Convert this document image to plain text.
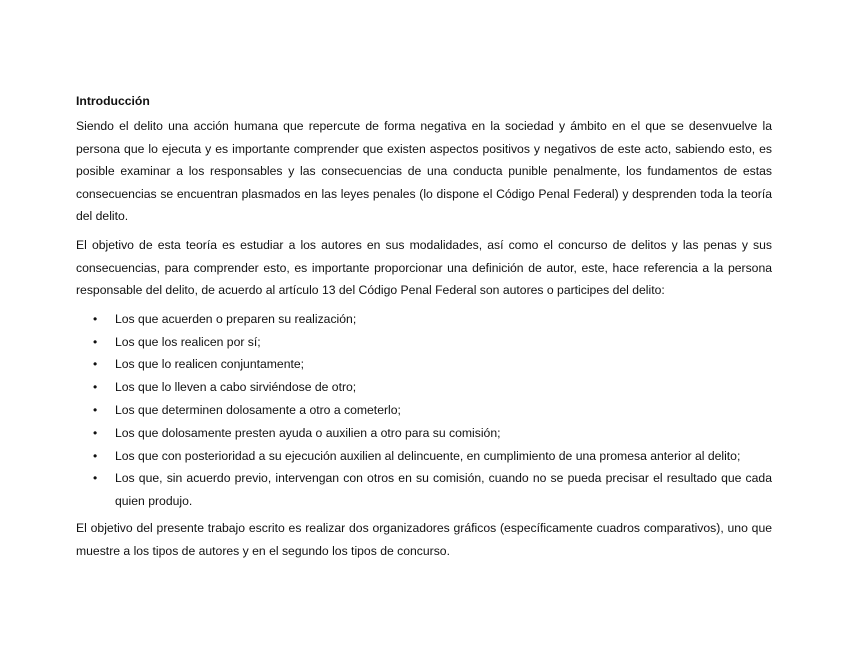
Introducción

Siendo el delito una acción humana que repercute de forma negativa en la sociedad y ámbito en el que se desenvuelve la persona que lo ejecuta y es importante comprender que existen aspectos positivos y negativos de este acto, sabiendo esto, es posible examinar a los responsables y las consecuencias de una conducta punible penalmente, los fundamentos de estas consecuencias se encuentran plasmados en las leyes penales (lo dispone el Código Penal Federal) y desprenden toda la teoría del delito.

El objetivo de esta teoría es estudiar a los autores en sus modalidades, así como el concurso de delitos y las penas y sus consecuencias, para comprender esto, es importante proporcionar una definición de autor, este, hace referencia a la persona responsable del delito, de acuerdo al artículo 13 del Código Penal Federal son autores o participes del delito:

• Los que acuerden o preparen su realización;
• Los que los realicen por sí;
• Los que lo realicen conjuntamente;
• Los que lo lleven a cabo sirviéndose de otro;
• Los que determinen dolosamente a otro a cometerlo;
• Los que dolosamente presten ayuda o auxilien a otro para su comisión;
• Los que con posterioridad a su ejecución auxilien al delincuente, en cumplimiento de una promesa anterior al delito;
• Los que, sin acuerdo previo, intervengan con otros en su comisión, cuando no se pueda precisar el resultado que cada quien produjo.

El objetivo del presente trabajo escrito es realizar dos organizadores gráficos (específicamente cuadros comparativos), uno que muestre a los tipos de autores y en el segundo los tipos de concurso.
